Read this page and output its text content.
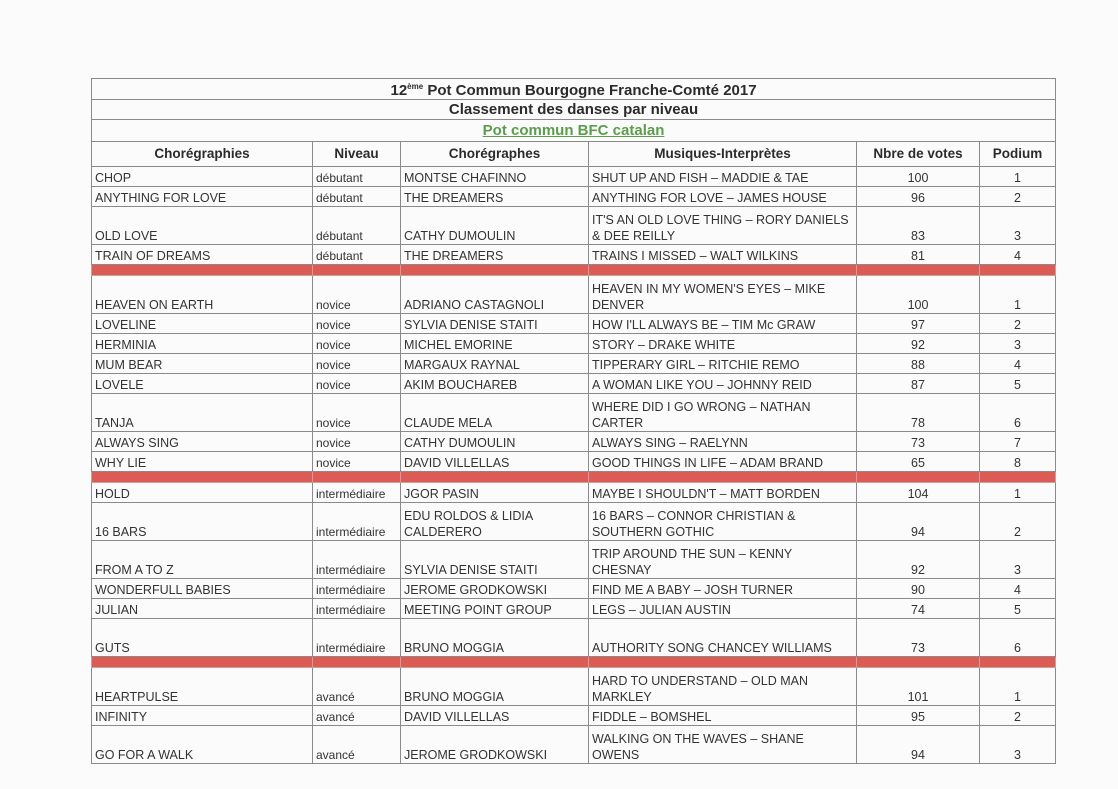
12ème Pot Commun Bourgogne Franche-Comté 2017					
Classement des danses par niveau					
Pot commun BFC catalan					
Chorégraphies	Niveau	Chorégraphes	Musiques-Interprètes	Nbre de votes	Podium
CHOP	débutant	MONTSE CHAFINNO	SHUT UP AND FISH – MADDIE & TAE	100	1
ANYTHING FOR LOVE	débutant	THE DREAMERS	ANYTHING FOR LOVE – JAMES HOUSE	96	2
OLD LOVE	débutant	CATHY DUMOULIN	IT'S AN OLD LOVE THING – RORY DANIELS & DEE REILLY	83	3
TRAIN OF DREAMS	débutant	THE DREAMERS	TRAINS I MISSED – WALT WILKINS	81	4

HEAVEN ON EARTH	novice	ADRIANO CASTAGNOLI	HEAVEN IN MY WOMEN'S EYES – MIKE DENVER	100	1
LOVELINE	novice	SYLVIA DENISE STAITI	HOW I'LL ALWAYS BE – TIM Mc GRAW	97	2
HERMINIA	novice	MICHEL EMORINE	STORY – DRAKE WHITE	92	3
MUM BEAR	novice	MARGAUX RAYNAL	TIPPERARY GIRL – RITCHIE REMO	88	4
LOVELE	novice	AKIM BOUCHAREB	A WOMAN LIKE YOU – JOHNNY REID	87	5
TANJA	novice	CLAUDE MELA	WHERE DID I GO WRONG – NATHAN CARTER	78	6
ALWAYS SING	novice	CATHY DUMOULIN	ALWAYS SING – RAELYNN	73	7
WHY LIE	novice	DAVID VILLELLAS	GOOD THINGS IN LIFE – ADAM BRAND	65	8

HOLD	intermédiaire	JGOR PASIN	MAYBE I SHOULDN'T – MATT BORDEN	104	1
16 BARS	intermédiaire	EDU ROLDOS & LIDIA CALDERERO	16 BARS – CONNOR CHRISTIAN & SOUTHERN GOTHIC	94	2
FROM A TO Z	intermédiaire	SYLVIA DENISE STAITI	TRIP AROUND THE SUN – KENNY CHESNAY	92	3
WONDERFULL BABIES	intermédiaire	JEROME GRODKOWSKI	FIND ME A BABY – JOSH TURNER	90	4
JULIAN	intermédiaire	MEETING POINT GROUP	LEGS – JULIAN AUSTIN	74	5
GUTS	intermédiaire	BRUNO MOGGIA	AUTHORITY SONG CHANCEY WILLIAMS	73	6

HEARTPULSE	avancé	BRUNO MOGGIA	HARD TO UNDERSTAND – OLD MAN MARKLEY	101	1
INFINITY	avancé	DAVID VILLELLAS	FIDDLE – BOMSHEL	95	2
GO FOR A WALK	avancé	JEROME GRODKOWSKI	WALKING ON THE WAVES – SHANE OWENS	94	3
